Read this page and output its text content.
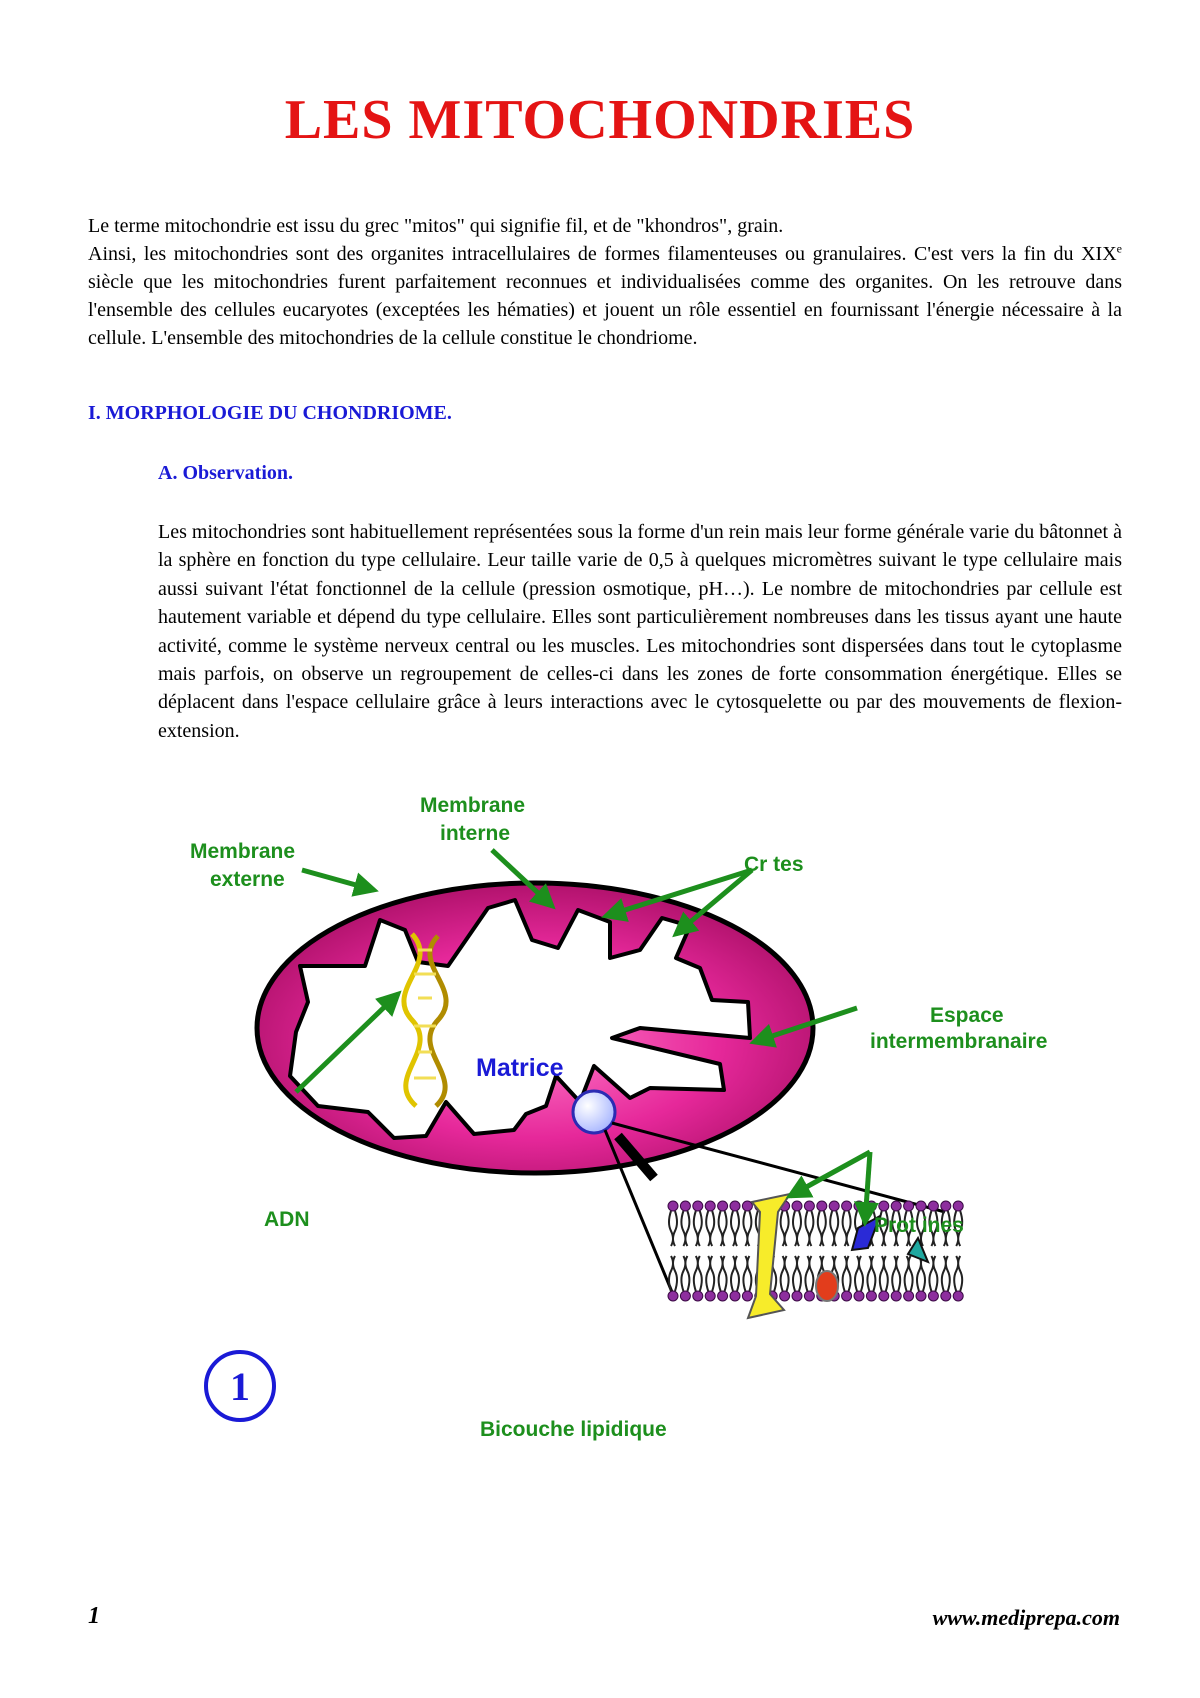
LES MITOCHONDRIES

Le terme mitochondrie est issu du grec "mitos" qui signifie fil, et de "khondros", grain.

Ainsi, les mitochondries sont des organites intracellulaires de formes filamenteuses ou granulaires. C'est vers la fin du XIXe siècle que les mitochondries furent parfaitement reconnues et individualisées comme des organites. On les retrouve dans l'ensemble des cellules eucaryotes (exceptées les hématies) et jouent un rôle essentiel en fournissant l'énergie nécessaire à la cellule. L'ensemble des mitochondries de la cellule constitue le chondriome.

I. MORPHOLOGIE DU CHONDRIOME.
A. Observation.

Les mitochondries sont habituellement représentées sous la forme d'un rein mais leur forme générale varie du bâtonnet à la sphère en fonction du type cellulaire. Leur taille varie de 0,5 à quelques micromètres suivant le type cellulaire mais aussi suivant l'état fonctionnel de la cellule (pression osmotique, pH…). Le nombre de mitochondries par cellule est hautement variable et dépend du type cellulaire. Elles sont particulièrement nombreuses dans les tissus ayant une haute activité, comme le système nerveux central ou les muscles. Les mitochondries sont dispersées dans tout le cytoplasme mais parfois, on observe un regroupement de celles-ci dans les zones de forte consommation énergétique. Elles se déplacent dans l'espace cellulaire grâce à leurs interactions avec le cytosquelette ou par des mouvements de flexion-extension.

Membrane
externe
Membrane
interne
Cr tes
Matrice
Espace
intermembranaire
ADN	Prot ines
Bicouche lipidique
1
1	www.mediprepa.com
